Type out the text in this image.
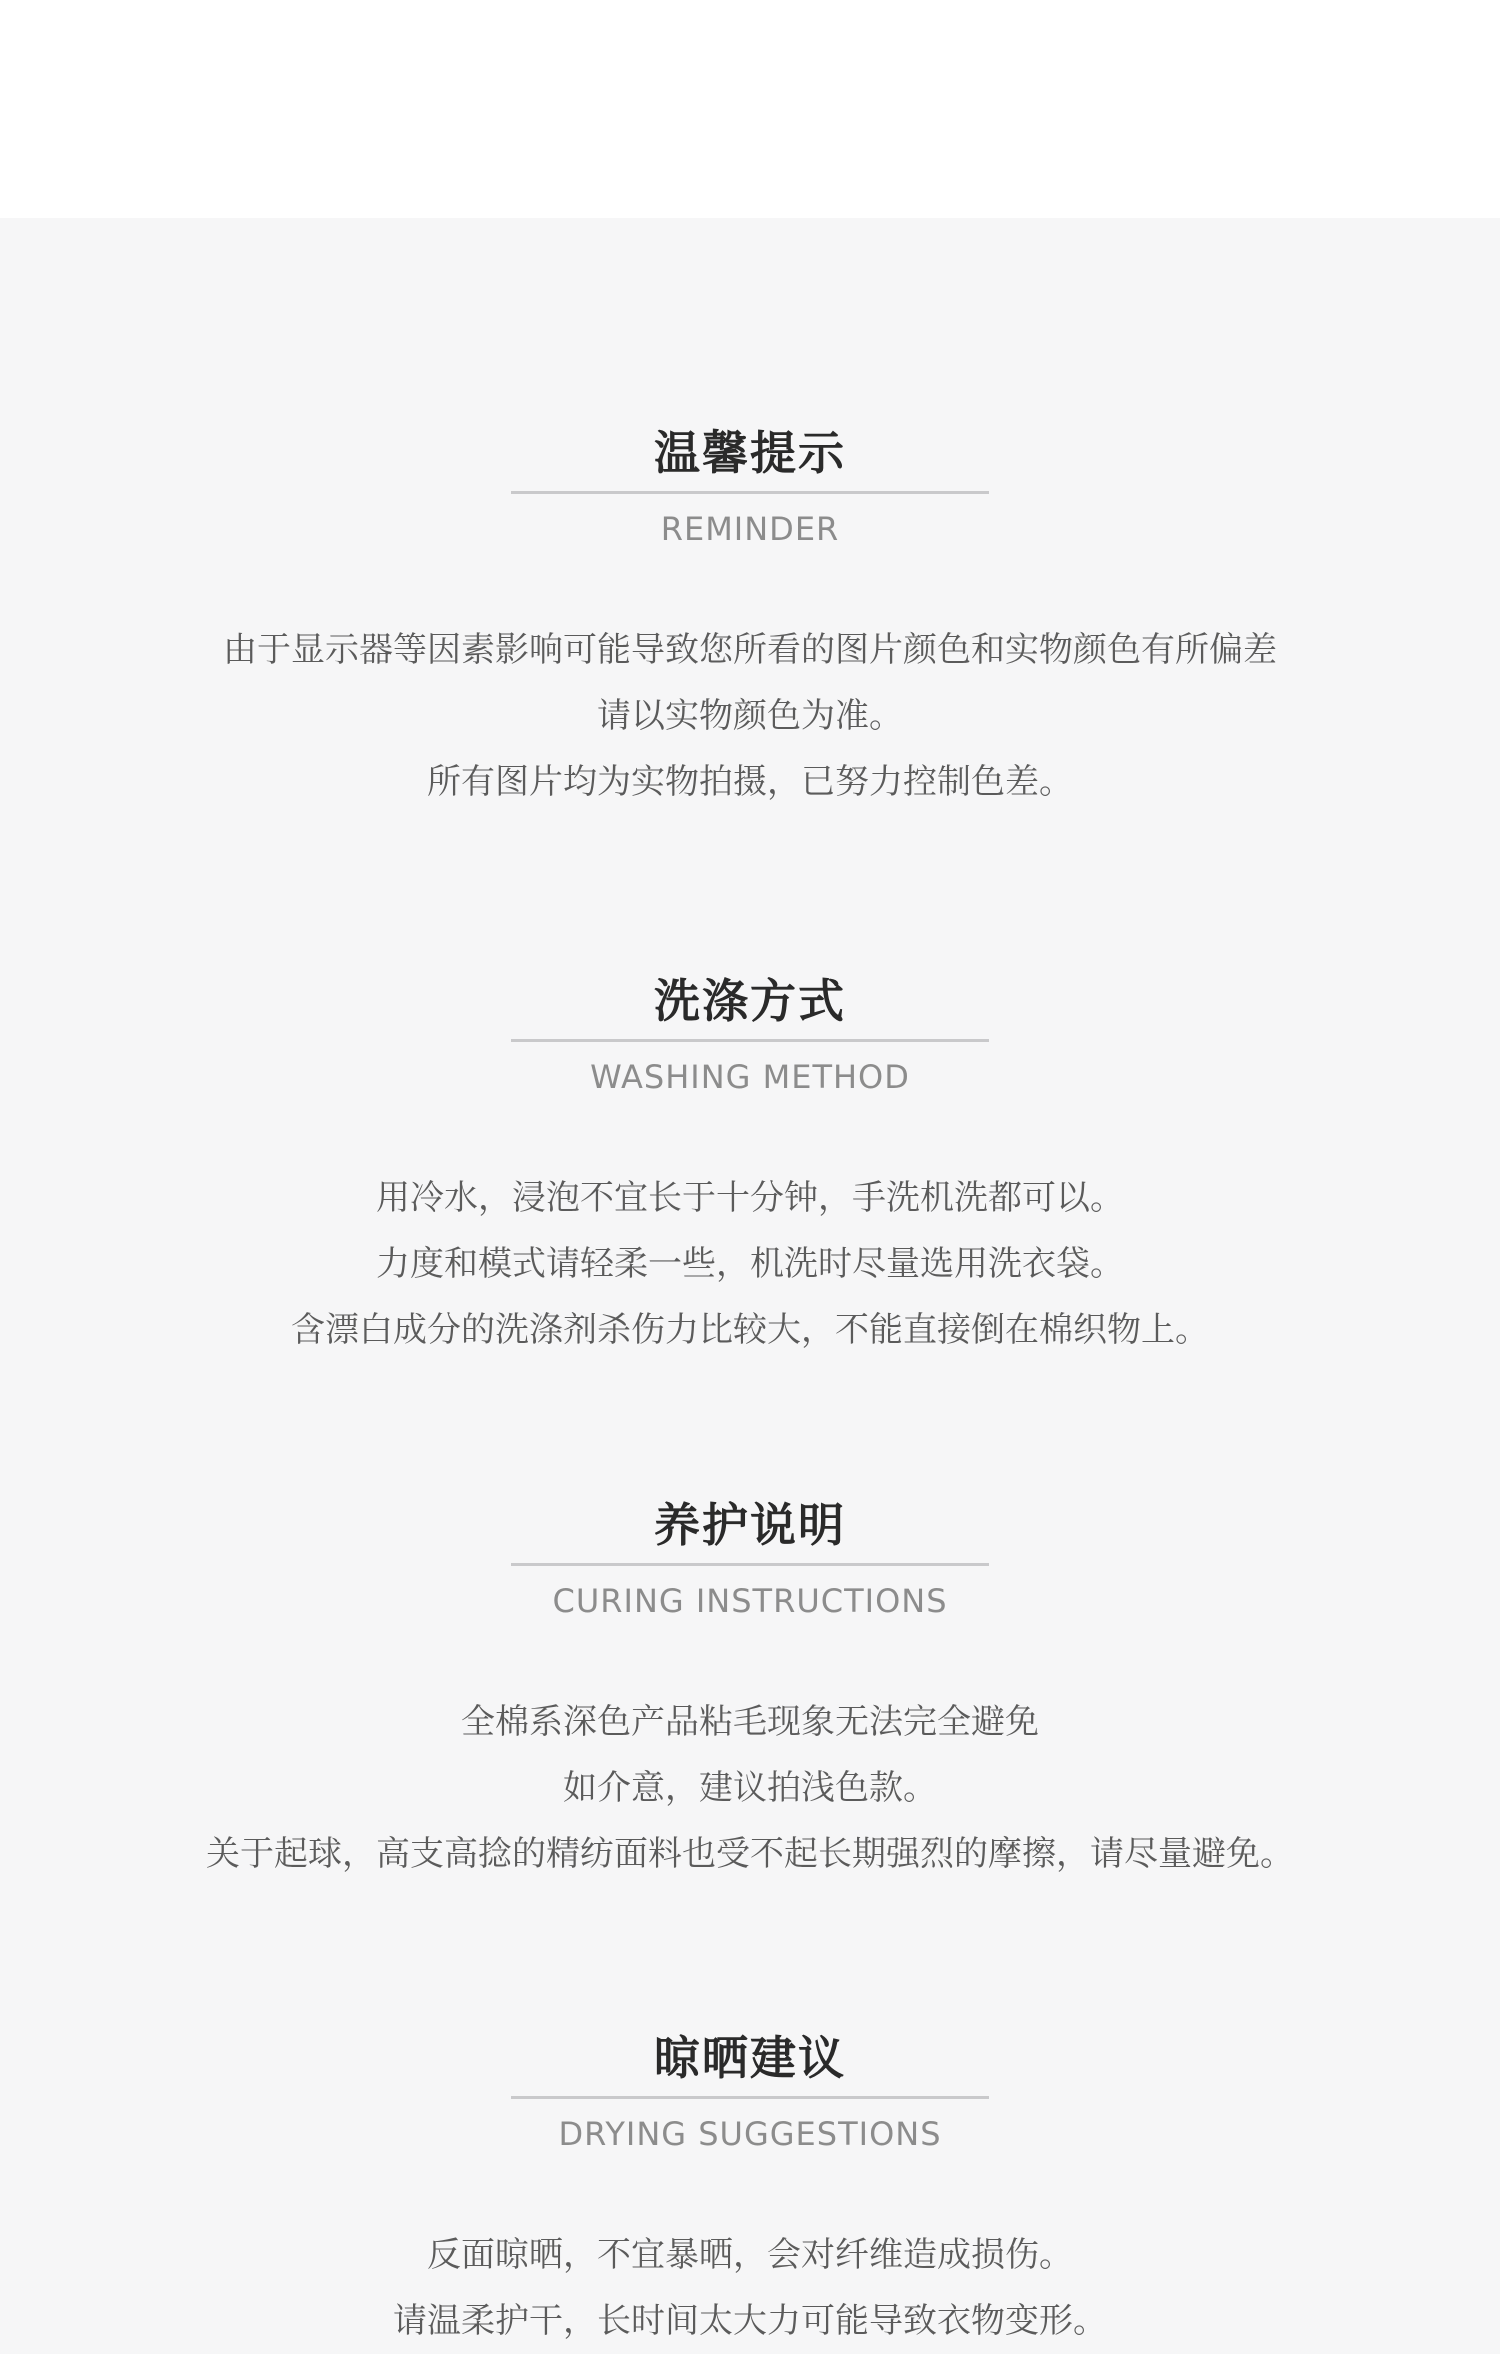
温馨提示
REMINDER
由于显示器等因素影响可能导致您所看的图片颜色和实物颜色有所偏差
请以实物颜色为准。
所有图片均为实物拍摄，已努力控制色差。
洗涤方式
WASHING METHOD
用冷水，浸泡不宜长于十分钟，手洗机洗都可以。
力度和模式请轻柔一些，机洗时尽量选用洗衣袋。
含漂白成分的洗涤剂杀伤力比较大，不能直接倒在棉织物上。
养护说明
CURING INSTRUCTIONS
全棉系深色产品粘毛现象无法完全避免
如介意，建议拍浅色款。
关于起球，高支高捻的精纺面料也受不起长期强烈的摩擦，请尽量避免。
晾晒建议
DRYING SUGGESTIONS
反面晾晒，不宜暴晒，会对纤维造成损伤。
请温柔护干，长时间太大力可能导致衣物变形。
